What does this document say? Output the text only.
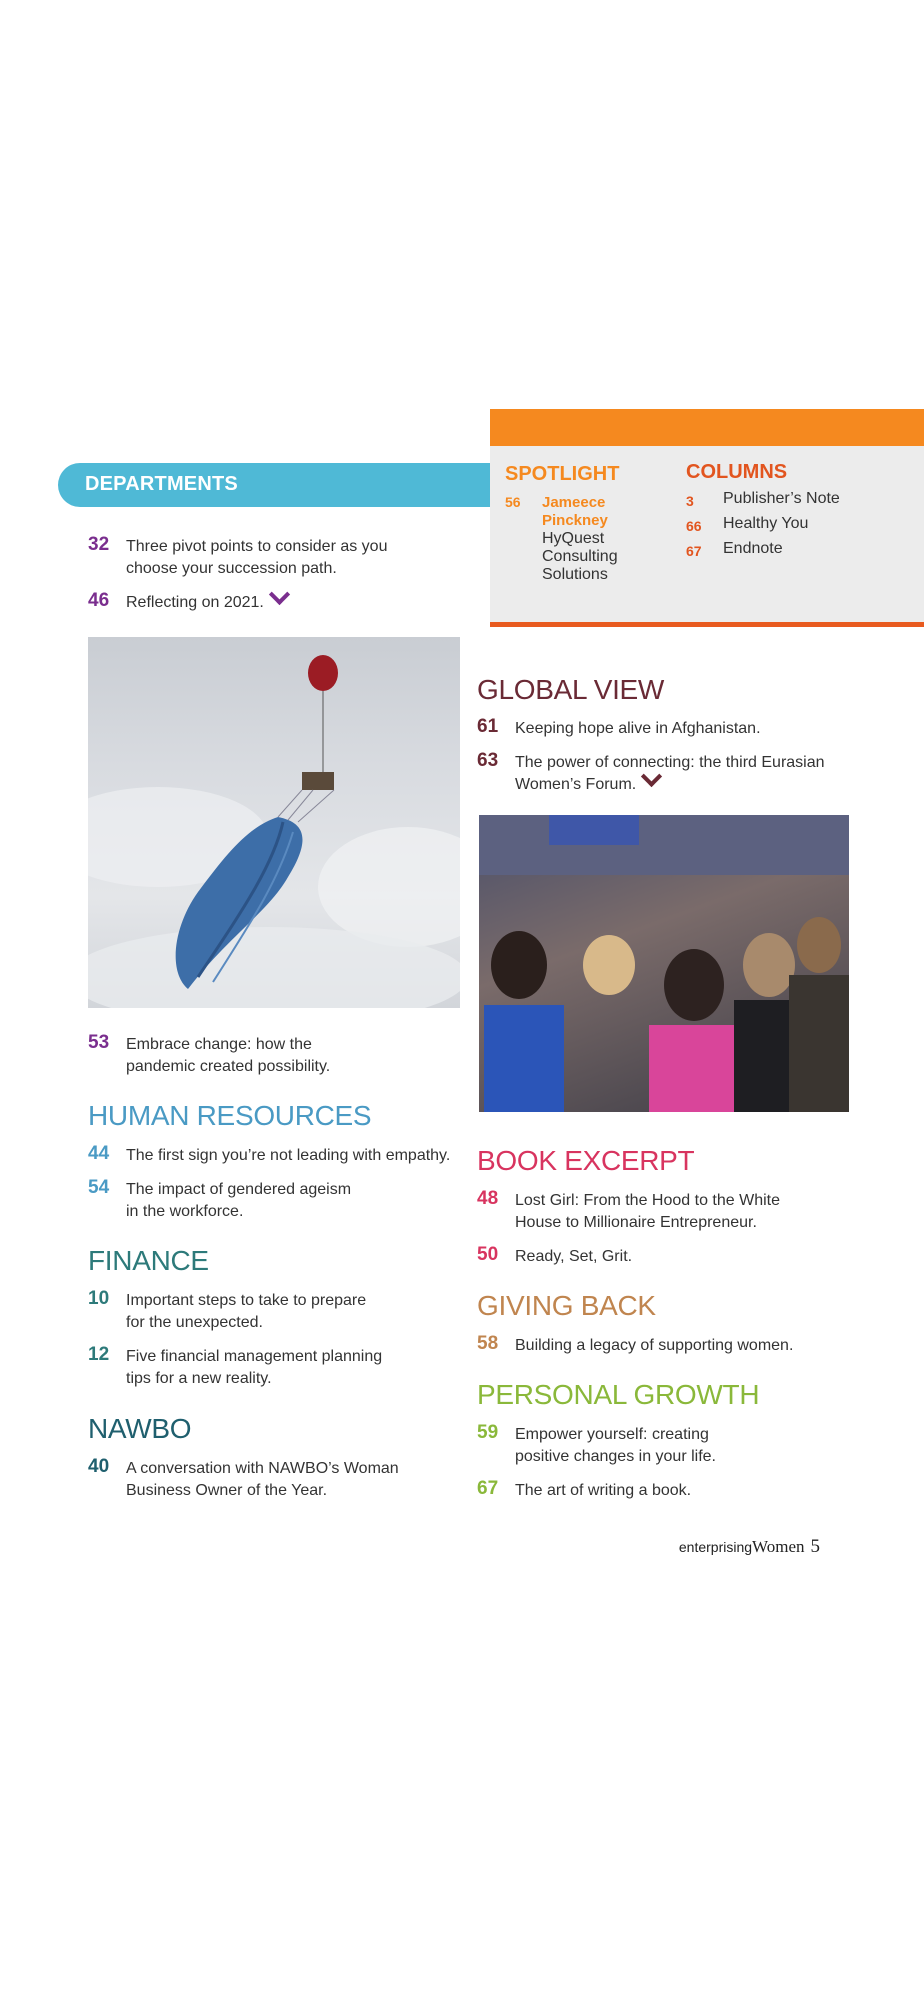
SPOTLIGHT
56 Jameece Pinckney
HyQuest Consulting Solutions
COLUMNS
3 Publisher’s Note
66 Healthy You
67 Endnote
DEPARTMENTS
32 Three pivot points to consider as you choose your succession path.
46 Reflecting on 2021.
53 Embrace change: how the pandemic created possibility.
HUMAN RESOURCES
44 The first sign you’re not leading with empathy.
54 The impact of gendered ageism in the workforce.
FINANCE
10 Important steps to take to prepare for the unexpected.
12 Five financial management planning tips for a new reality.
NAWBO
40 A conversation with NAWBO’s Woman Business Owner of the Year.
GLOBAL VIEW
61 Keeping hope alive in Afghanistan.
63 The power of connecting: the third Eurasian Women’s Forum.
BOOK EXCERPT
48 Lost Girl: From the Hood to the White House to Millionaire Entrepreneur.
50 Ready, Set, Grit.
GIVING BACK
58 Building a legacy of supporting women.
PERSONAL GROWTH
59 Empower yourself: creating positive changes in your life.
67 The art of writing a book.
enterprisingWomen 5
